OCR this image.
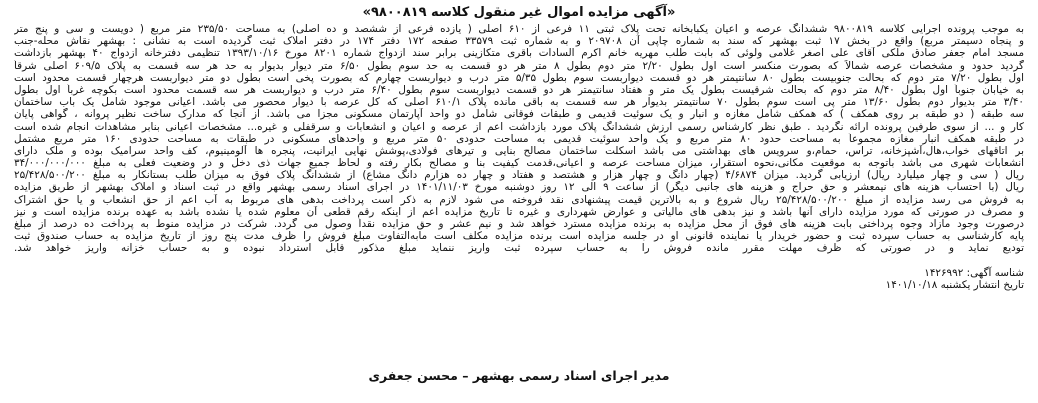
«آگهی مزایده اموال غیر منقول کلاسه ۹۸۰۰۸۱۹»
به موجب پرونده اجرایی کلاسه ۹۸۰۰۸۱۹ ششدانگ عرصه و اعیان یکبابخانه تحت پلاک ثبتی ۱۱ فرعی از ۶۱۰ اصلی ( یازده فرعی از ششصد و ده اصلی) به مساحت ۲۳۵/۵۰ متر مربع ( دویست و سی و پنج متر
و پنجاه دسیمتر مربع) واقع در بخش ۱۷ ثبت بهشهر که سند به شماره چاپی آن ۲۰۹۷۰۸ و به شماره ثبت ۳۳۵۷۹ صفحه ۱۷۲ دفتر ۱۷۴ در دفتر املاک ثبت گردیده است به نشانی : بهشهر نقاش محله-جنب
مسجد امام جعفر صادق ملکی آقای علی اصغر غلامی ولوئی که بابت طلب مهریه خانم اکرم السادات باقری متکازینی برابر سند ازدواج شماره ۸۲۰۱ مورخ ۱۳۹۳/۱۰/۱۶ تنظیمی دفترخانه ازدواج ۴۰ بهشهر بازداشت
گردید حدود و مشخصات عرصه شمالاً که بصورت منکسر است اول بطول ۲/۲۰ متر دوم بطول ۸ متر هر دو قسمت به حد سوم بطول ۶/۵۰ متر دیوار بدیوار به حد هر سه قسمت به پلاک ۶۰۹/۵ اصلی شرقاً
اول بطول ۷/۲۰ متر دوم که بحالت جنوبیست بطول ۸۰ سانتیمتر هر دو قسمت دیواربست سوم بطول ۵/۳۵ متر درب و دیواربست چهارم که بصورت پخی است بطول دو متر دیواربست هرچهار قسمت محدود است
به خیابان جنوباً اول بطول ۸/۴۰ متر دوم که بحالت شرقیست بطول یک متر و هفتاد سانتیمتر هر دو قسمت دیواربست سوم بطول ۶/۴۰ متر درب و دیواربست هر سه قسمت محدود است بکوچه غرباً اول بطول
۳/۴۰ متر بدیوار دوم بطول ۱۳/۶۰ متر پی است سوم بطول ۷۰ سانتیمتر بدیوار هر سه قسمت به باقی مانده پلاک ۶۱۰/۱ اصلی که کل عرصه با دیوار محصور می باشد. اعیانی موجود شامل یک باب ساختمان
سه طبقه ( دو طبقه بر روی همکف ) که همکف شامل مغازه و انبار و یک سوئیت قدیمی و طبقات فوقانی شامل دو واحد آپارتمان مسکونی مجزا می باشد. از آنجا که مدارک ساخت نظیر پروانه ، گواهی پایان
کار و ... از سوی طرفین پرونده ارائه نگردید . طبق نظر کارشناس رسمی ارزش ششدانگ پلاک مورد بازداشت اعم از عرصه و اعیان و انشعابات و سرقفلی و غیره... مشخصات اعیانی بنابر مشاهدات انجام شده است
در طبقه همکف انبار مغازه مجموعاً به مساحت حدود ۸۰ متر مربع و یک واحد سوئیت قدیمی به مساحت حدودی ۵۰ متر مربع و واحدهای مسکونی در طبقات به مساحت حدودی ۱۶۰ متر مربع مشتمل
بر اتاقهای خواب،هال،آشپزخانه، تراس، حمام،و سرویس های بهداشتی می باشد اسکلت ساختمان مصالح بنایی و تیرهای فولادی،پوشش نهایی ایرانیت، پنجره ها آلومینیوم، کف واحد سرامیک بوده و ملک دارای
انشعابات شهری می باشد باتوجه به موقعیت مکانی،نحوه استقرار، میزان مساحت عرصه و اعیانی،قدمت کیفیت بنا و مصالح بکار رفته و لحاظ جمیع جهات ذی دخل و در وضعیت فعلی به مبلغ ۳۴/۰۰۰/۰۰۰/۰۰۰
ریال ( سی و چهار میلیارد ریال) ارزیابی گردید. میزان ۴/۶۸۷۴ (چهار دانگ و چهار هزار و هشتصد و هفتاد و چهار ده هزارم دانگ مشاع) از ششدانگ پلاک فوق به میزان طلب بستانکار به مبلغ ۲۵/۴۲۸/۵۰۰/۲۰۰
ریال (با احتساب هزینه های نیمعشر و حق حراج و هزینه های جانبی دیگر) از ساعت ۹ الی ۱۲ روز دوشنبه مورخ ۱۴۰۱/۱۱/۰۳ در اجرای اسناد رسمی بهشهر واقع در ثبت اسناد و املاک بهشهر از طریق مزایده
به فروش می رسد مزایده از مبلغ ۲۵/۴۲۸/۵۰۰/۲۰۰ ریال شروع و به بالاترین قیمت پیشنهادی نقد فروخته می شود لازم به ذکر است پرداخت بدهی های مربوط به آب اعم از حق انشعاب و یا حق اشتراک
و مصرف در صورتی که مورد مزایده دارای آنها باشد و نیز بدهی های مالیاتی و عوارض شهرداری و غیره تا تاریخ مزایده اعم از اینکه رقم قطعی آن معلوم شده یا نشده باشد به عهده برنده مزایده است و نیز
درصورت وجود مازاد وجوه پرداختی بابت هزینه های فوق از محل مزایده به برنده مزایده مسترد خواهد شد و نیم عشر و حق مزایده نقداً وصول می گردد. شرکت در مزایده منوط به پرداخت ده درصد از مبلغ
پایه کارشناسی به حساب سپرده ثبت و حضور خریدار یا نماینده قانونی او در جلسه مزایده است برنده مزایده مکلف است مابه‌التفاوت مبلغ فروش را ظرف مدت پنج روز از تاریخ مزایده به حساب صندوق ثبت
تودیع نماید و در صورتی که ظرف مهلت مقرر مانده فروش را به حساب سپرده ثبت واریز ننماید مبلغ مذکور قابل استرداد نبوده و به حساب خزانه واریز خواهد شد.
شناسه آگهی: ۱۴۲۶۹۹۲
تاریخ انتشار یکشنبه ۱۴۰۱/۱۰/۱۸
مدیر اجرای اسناد رسمی بهشهر – محسن جعفری
